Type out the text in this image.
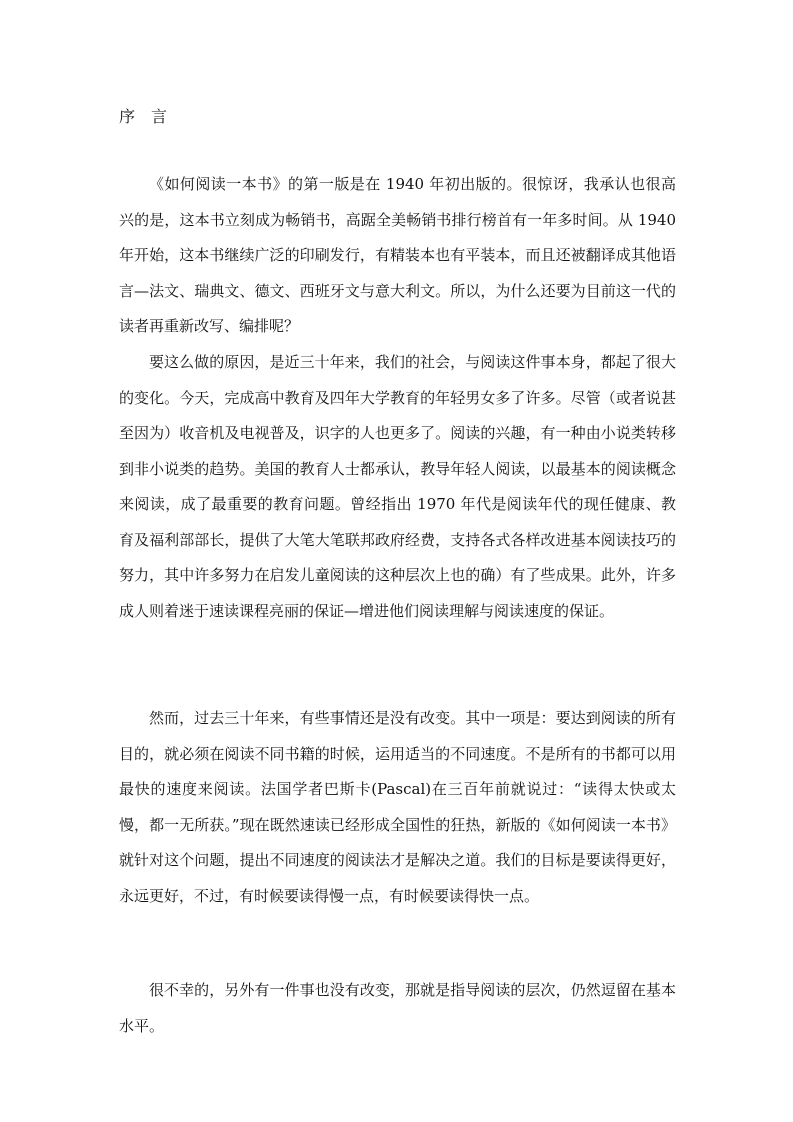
序　言

《如何阅读一本书》的第一版是在 1940 年初出版的。很惊讶，我承认也很高兴的是，这本书立刻成为畅销书，高踞全美畅销书排行榜首有一年多时间。从 1940 年开始，这本书继续广泛的印刷发行，有精装本也有平装本，而且还被翻译成其他语言—法文、瑞典文、德文、西班牙文与意大利文。所以，为什么还要为目前这一代的读者再重新改写、编排呢？

要这么做的原因，是近三十年来，我们的社会，与阅读这件事本身，都起了很大的变化。今天，完成高中教育及四年大学教育的年轻男女多了许多。尽管（或者说甚至因为）收音机及电视普及，识字的人也更多了。阅读的兴趣，有一种由小说类转移到非小说类的趋势。美国的教育人士都承认，教导年轻人阅读，以最基本的阅读概念来阅读，成了最重要的教育问题。曾经指出 1970 年代是阅读年代的现任健康、教育及福利部部长，提供了大笔大笔联邦政府经费，支持各式各样改进基本阅读技巧的努力，其中许多努力在启发儿童阅读的这种层次上也的确）有了些成果。此外，许多成人则着迷于速读课程亮丽的保证—增进他们阅读理解与阅读速度的保证。

然而，过去三十年来，有些事情还是没有改变。其中一项是：要达到阅读的所有目的，就必须在阅读不同书籍的时候，运用适当的不同速度。不是所有的书都可以用最快的速度来阅读。法国学者巴斯卡(Pascal)在三百年前就说过：“读得太快或太慢，都一无所获。”现在既然速读已经形成全国性的狂热，新版的《如何阅读一本书》就针对这个问题，提出不同速度的阅读法才是解决之道。我们的目标是要读得更好，永远更好，不过，有时候要读得慢一点，有时候要读得快一点。

很不幸的，另外有一件事也没有改变，那就是指导阅读的层次，仍然逗留在基本水平。
